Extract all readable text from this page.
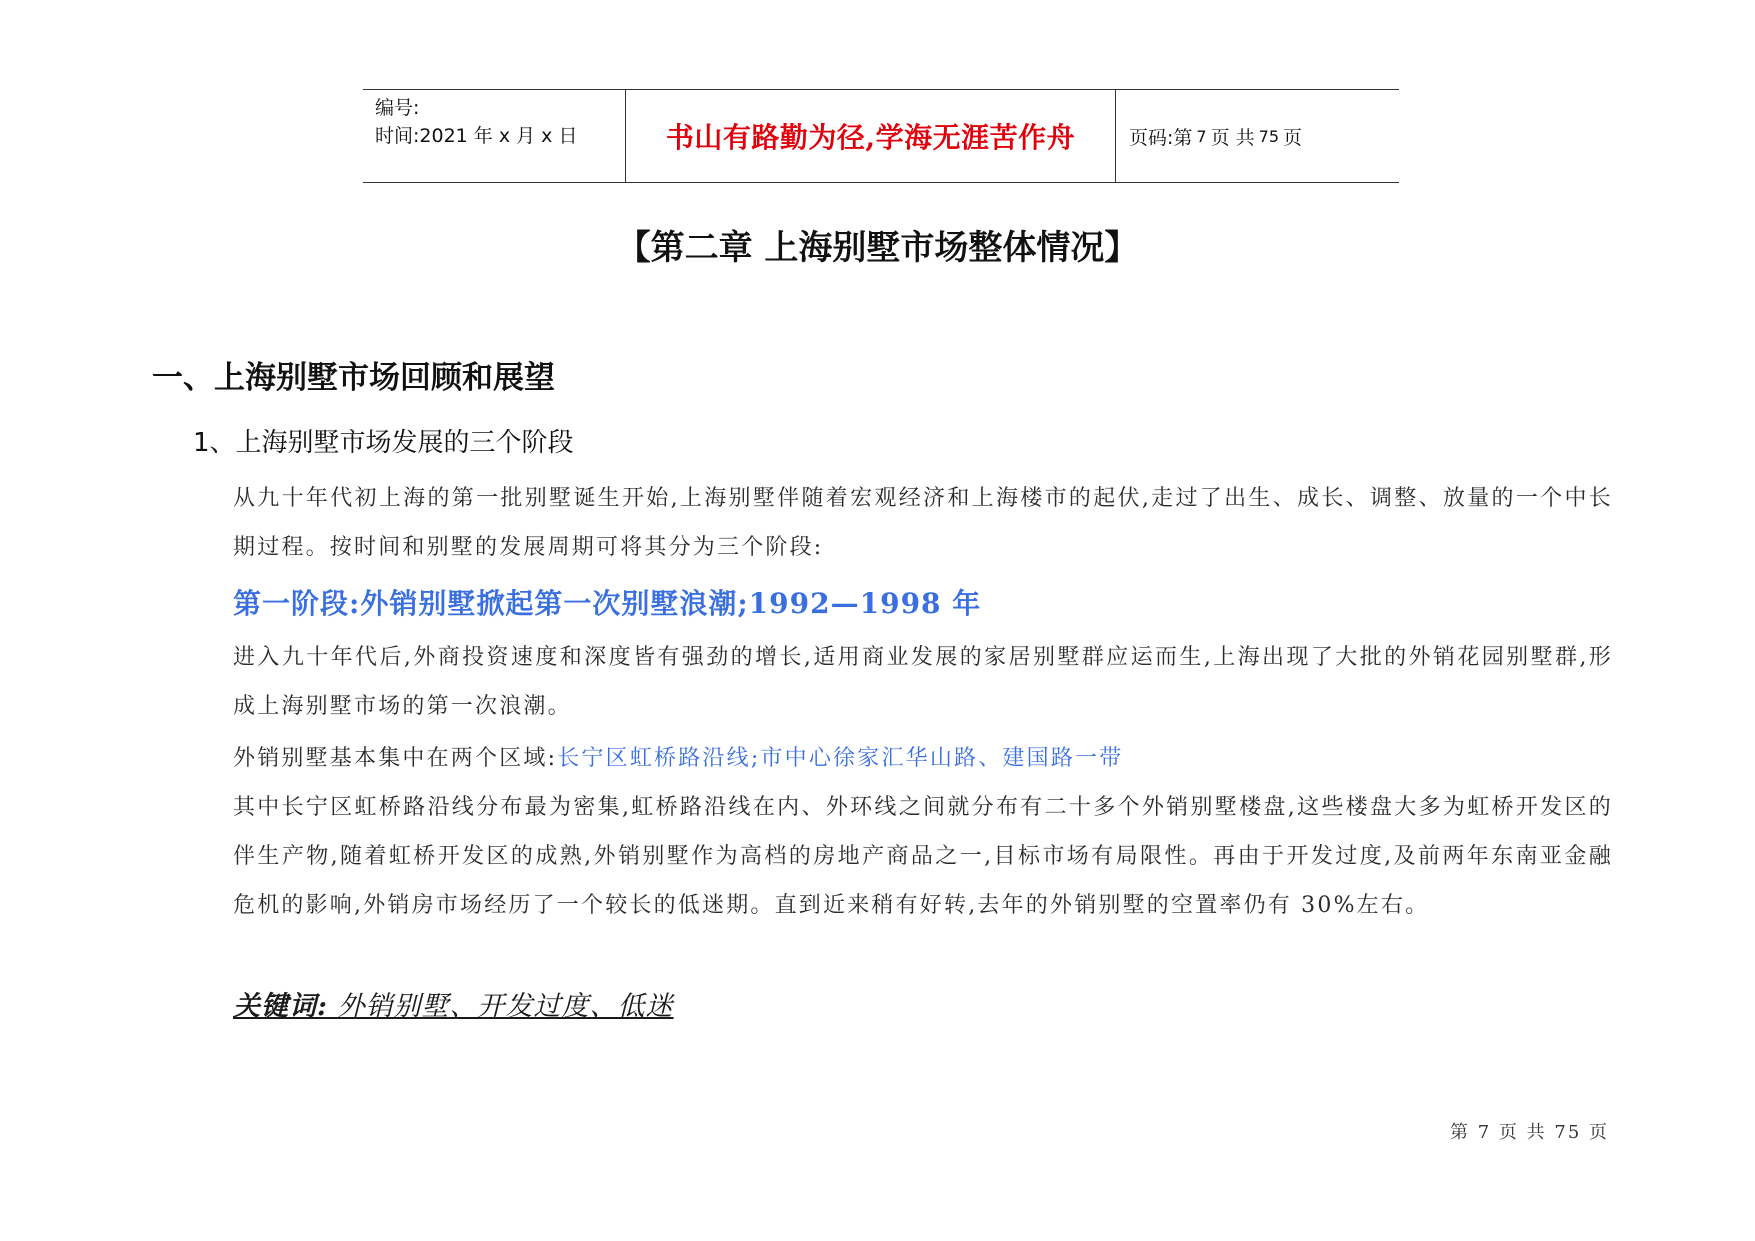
编号:
时间:2021 年 x 月 x 日	书山有路勤为径,学海无涯苦作舟	页码:第 7 页 共 75 页
【第二章 上海别墅市场整体情况】
一、上海别墅市场回顾和展望
1、上海别墅市场发展的三个阶段
从九十年代初上海的第一批别墅诞生开始,上海别墅伴随着宏观经济和上海楼市的起伏,走过了出生、成长、调整、放量的一个中长期过程。按时间和别墅的发展周期可将其分为三个阶段:
第一阶段:外销别墅掀起第一次别墅浪潮;1992—1998 年
进入九十年代后,外商投资速度和深度皆有强劲的增长,适用商业发展的家居别墅群应运而生,上海出现了大批的外销花园别墅群,形成上海别墅市场的第一次浪潮。
外销别墅基本集中在两个区域:长宁区虹桥路沿线;市中心徐家汇华山路、建国路一带
其中长宁区虹桥路沿线分布最为密集,虹桥路沿线在内、外环线之间就分布有二十多个外销别墅楼盘,这些楼盘大多为虹桥开发区的伴生产物,随着虹桥开发区的成熟,外销别墅作为高档的房地产商品之一,目标市场有局限性。再由于开发过度,及前两年东南亚金融危机的影响,外销房市场经历了一个较长的低迷期。直到近来稍有好转,去年的外销别墅的空置率仍有 30%左右。
关键词: 外销别墅、开发过度、低迷
第 7 页 共 75 页
